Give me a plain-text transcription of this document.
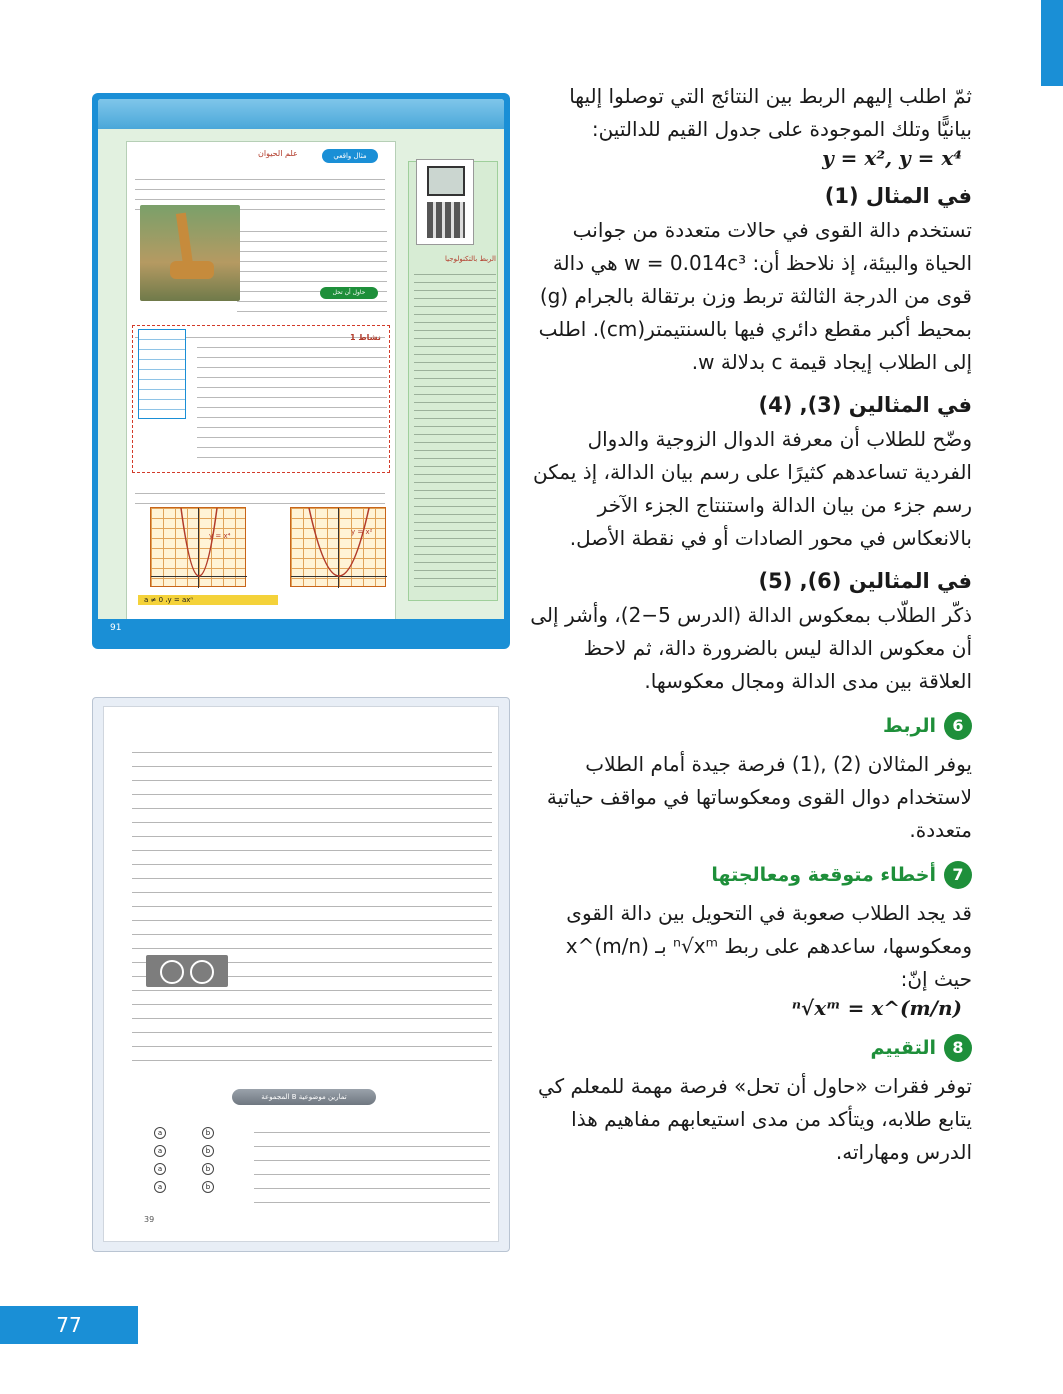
مثال واقعي
علم الحيوان
y = x⁴	y = x²
a ≠ 0 ،y = axⁿ
الربط بالتكنولوجيا
حاول أن تحل
نشاط 1
91
المجموعة B تمارين موضوعية
a
a
a
a
b
b
b
b
39

ثمّ اطلب إليهم الربط بين النتائج التي توصلوا إليها بيانيًّا وتلك الموجودة على جدول القيم للدالتين:

y = x², y = x⁴

في المثال (1)

تستخدم دالة القوى في حالات متعددة من جوانب الحياة والبيئة، إذ نلاحظ أن: w = 0.014c³ هي دالة قوى من الدرجة الثالثة تربط وزن برتقالة بالجرام (g) بمحيط أكبر مقطع دائري فيها بالسنتيمتر(cm). اطلب إلى الطلاب إيجاد قيمة c بدلالة w.

في المثالين (3), (4)

وضّح للطلاب أن معرفة الدوال الزوجية والدوال الفردية تساعدهم كثيرًا على رسم بيان الدالة، إذ يمكن رسم جزء من بيان الدالة واستنتاج الجزء الآخر بالانعكاس في محور الصادات أو في نقطة الأصل.

في المثالين (6), (5)

ذكّر الطلّاب بمعكوس الدالة (الدرس 5−2)، وأشر إلى أن معكوس الدالة ليس بالضرورة دالة، ثم لاحظ العلاقة بين مدى الدالة ومجال معكوسها.

6
الربط

يوفر المثالان (2) ,(1) فرصة جيدة أمام الطلاب لاستخدام دوال القوى ومعكوساتها في مواقف حياتية متعددة.

7
أخطاء متوقعة ومعالجتها

قد يجد الطلاب صعوبة في التحويل بين دالة القوى ومعكوسها، ساعدهم على ربط ⁿ√xᵐ بـ x^(m/n) حيث إنّ:

ⁿ√xᵐ = x^(m/n)

8
التقييم

توفر فقرات «حاول أن تحل» فرصة مهمة للمعلم كي يتابع طلابه، ويتأكد من مدى استيعابهم مفاهيم هذا الدرس ومهاراته.

77
